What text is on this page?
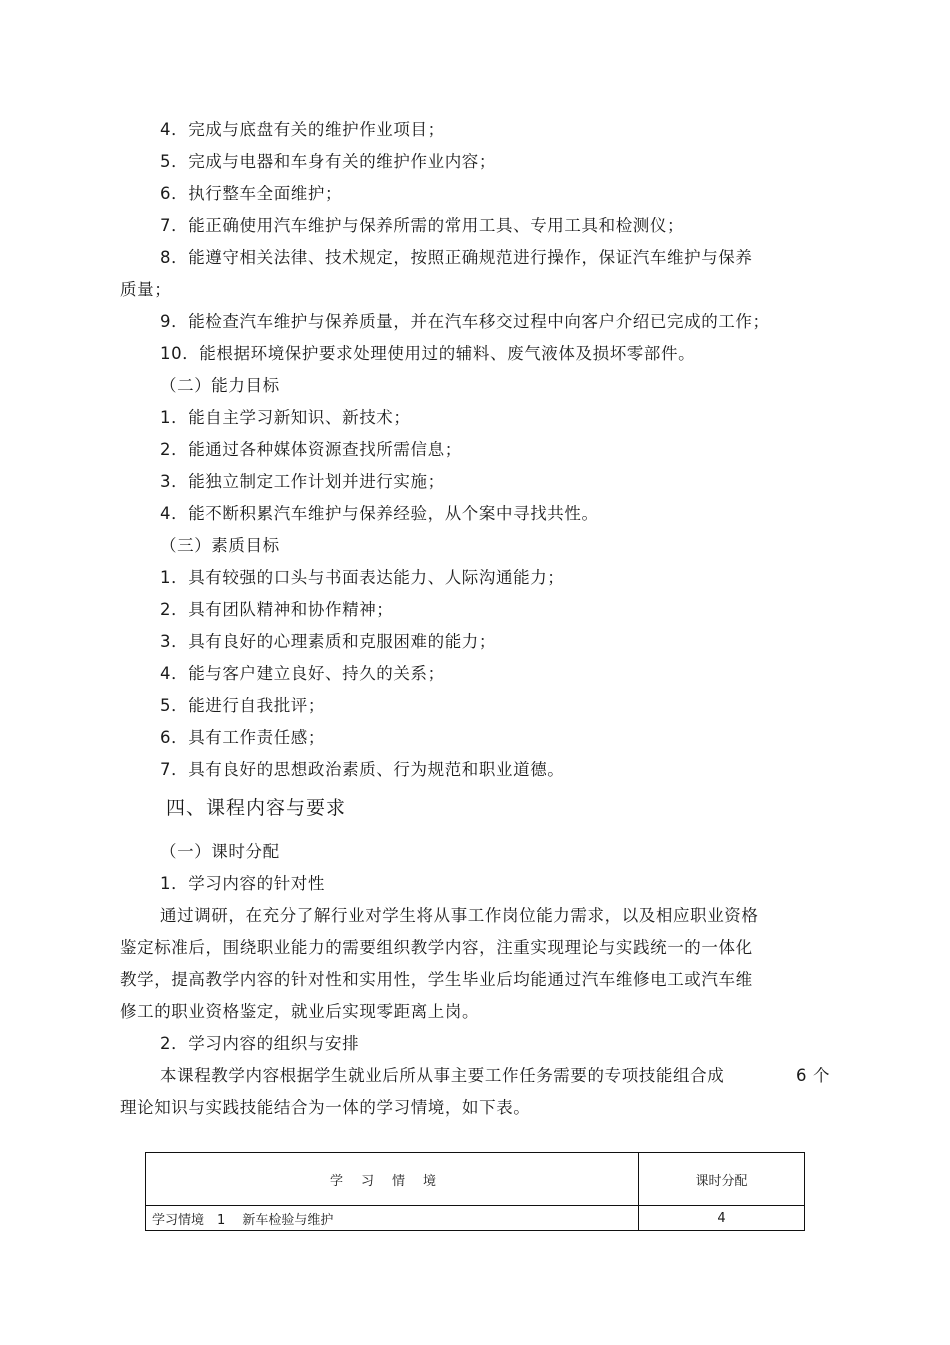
4．完成与底盘有关的维护作业项目；
5．完成与电器和车身有关的维护作业内容；
6．执行整车全面维护；
7．能正确使用汽车维护与保养所需的常用工具、专用工具和检测仪；
8．能遵守相关法律、技术规定，按照正确规范进行操作，保证汽车维护与保养
质量；
9．能检查汽车维护与保养质量，并在汽车移交过程中向客户介绍已完成的工作；
10．能根据环境保护要求处理使用过的辅料、废气液体及损坏零部件。
（二）能力目标
1．能自主学习新知识、新技术；
2．能通过各种媒体资源查找所需信息；
3．能独立制定工作计划并进行实施；
4．能不断积累汽车维护与保养经验，从个案中寻找共性。
（三）素质目标
1．具有较强的口头与书面表达能力、人际沟通能力；
2．具有团队精神和协作精神；
3．具有良好的心理素质和克服困难的能力；
4．能与客户建立良好、持久的关系；
5．能进行自我批评；
6．具有工作责任感；
7．具有良好的思想政治素质、行为规范和职业道德。
四、课程内容与要求
（一）课时分配
1．学习内容的针对性
通过调研，在充分了解行业对学生将从事工作岗位能力需求，以及相应职业资格
鉴定标准后，围绕职业能力的需要组织教学内容，注重实现理论与实践统一的一体化
教学，提高教学内容的针对性和实用性，学生毕业后均能通过汽车维修电工或汽车维
修工的职业资格鉴定，就业后实现零距离上岗。
2．学习内容的组织与安排
本课程教学内容根据学生就业后所从事主要工作任务需要的专项技能组合成	6 个
理论知识与实践技能结合为一体的学习情境，如下表。
学习情境	课时分配
学习情境　1　 新车检验与维护	4
